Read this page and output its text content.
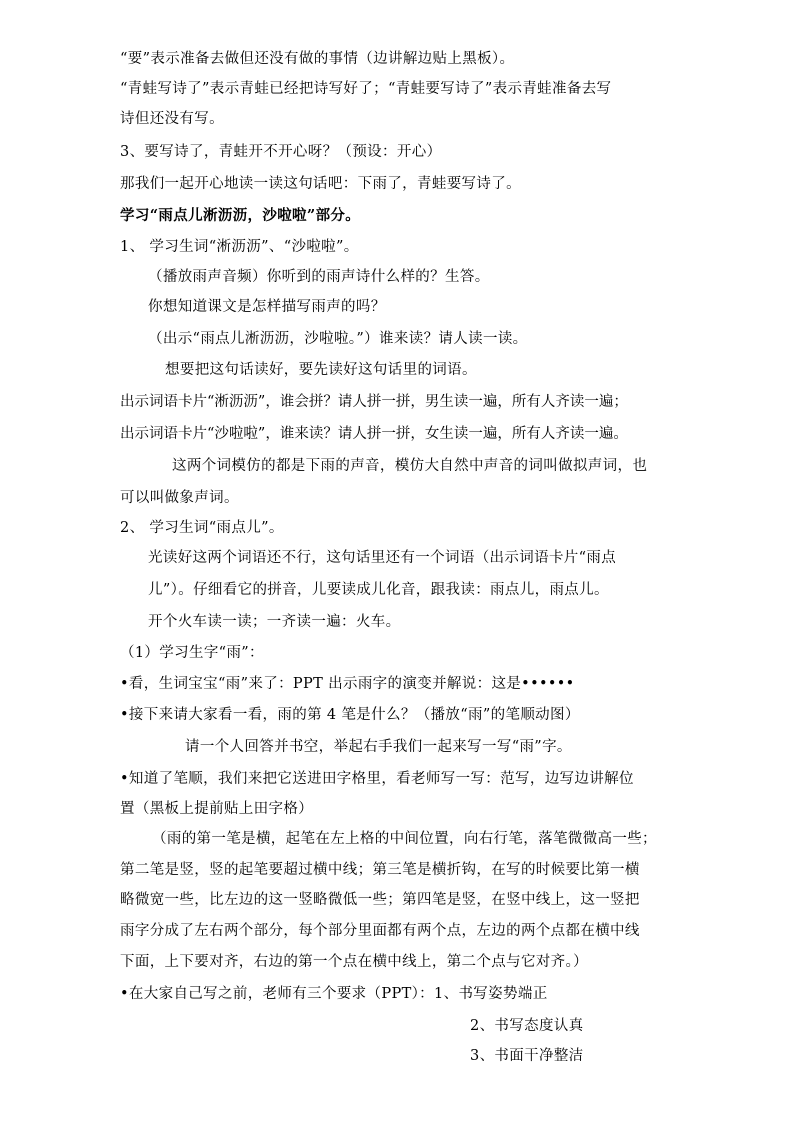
“要”表示准备去做但还没有做的事情（边讲解边贴上黑板）。
“青蛙写诗了”表示青蛙已经把诗写好了；“青蛙要写诗了”表示青蛙准备去写
诗但还没有写。
3、要写诗了，青蛙开不开心呀？（预设：开心）
那我们一起开心地读一读这句话吧：下雨了，青蛙要写诗了。
学习“雨点儿淅沥沥，沙啦啦”部分。
1、 学习生词“淅沥沥”、“沙啦啦”。
（播放雨声音频）你听到的雨声诗什么样的？生答。
你想知道课文是怎样描写雨声的吗？
（出示“雨点儿淅沥沥，沙啦啦。”）谁来读？请人读一读。
想要把这句话读好，要先读好这句话里的词语。
出示词语卡片“淅沥沥”，谁会拼？请人拼一拼，男生读一遍，所有人齐读一遍；
出示词语卡片“沙啦啦”，谁来读？请人拼一拼，女生读一遍，所有人齐读一遍。
这两个词模仿的都是下雨的声音，模仿大自然中声音的词叫做拟声词，也
可以叫做象声词。
2、 学习生词“雨点儿”。
光读好这两个词语还不行，这句话里还有一个词语（出示词语卡片“雨点
儿”）。仔细看它的拼音，儿要读成儿化音，跟我读：雨点儿，雨点儿。
开个火车读一读；一齐读一遍：火车。
（1）学习生字“雨”：
•看，生词宝宝“雨”来了：PPT 出示雨字的演变并解说：这是••••••
•接下来请大家看一看，雨的第 4 笔是什么？（播放“雨”的笔顺动图）
请一个人回答并书空，举起右手我们一起来写一写“雨”字。
•知道了笔顺，我们来把它送进田字格里，看老师写一写：范写，边写边讲解位
置（黑板上提前贴上田字格）
（雨的第一笔是横，起笔在左上格的中间位置，向右行笔，落笔微微高一些；
第二笔是竖，竖的起笔要超过横中线；第三笔是横折钩，在写的时候要比第一横
略微宽一些，比左边的这一竖略微低一些；第四笔是竖，在竖中线上，这一竖把
雨字分成了左右两个部分，每个部分里面都有两个点，左边的两个点都在横中线
下面，上下要对齐，右边的第一个点在横中线上，第二个点与它对齐。）
•在大家自己写之前，老师有三个要求（PPT）：1、书写姿势端正
2、书写态度认真
3、书面干净整洁
